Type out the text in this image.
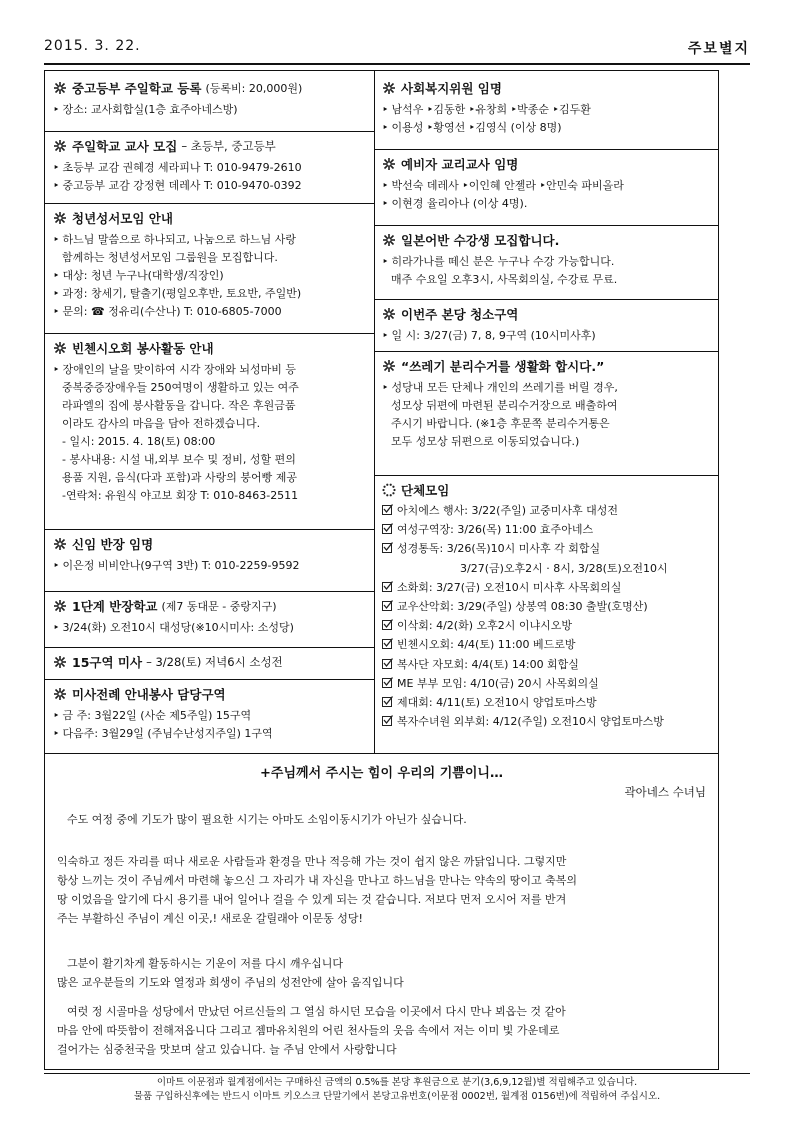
2015. 3. 22.	주보별지
중고등부 주일학교 등록 (등록비: 20,000원)
‣ 장소: 교사회합실(1층 효주아네스방)
주일학교 교사 모집 – 초등부, 중고등부
‣ 초등부 교감 권혜경 세라피나 T: 010-9479-2610
‣ 중고등부 교감 강정현 데레사 T: 010-9470-0392
청년성서모임 안내
‣ 하느님 말씀으로 하나되고, 나눔으로 하느님 사랑
함께하는 청년성서모임 그룹원을 모집합니다.
‣ 대상: 청년 누구나(대학생/직장인)
‣ 과정: 창세기, 탈출기(평일오후반, 토요반, 주일반)
‣ 문의: ☎ 정유리(수산나) T: 010-6805-7000
빈첸시오회 봉사활동 안내
‣ 장애인의 날을 맞이하여 시각 장애와 뇌성마비 등
중복중증장애우들 250여명이 생활하고 있는 여주
라파엘의 집에 봉사활동을 갑니다. 작은 후원금품
이라도 감사의 마음을 담아 전하겠습니다.
- 일시: 2015. 4. 18(토) 08:00
- 봉사내용: 시설 내,외부 보수 및 정비, 성할 편의
용품 지원, 음식(다과 포함)과 사랑의 붕어빵 제공
-연락처: 유원식 야고보 회장 T: 010-8463-2511
신임 반장 임명
‣ 이은정 비비안나(9구역 3반) T: 010-2259-9592
1단계 반장학교 (제7 동대문 - 중랑지구)
‣ 3/24(화) 오전10시 대성당(※10시미사: 소성당)
15구역 미사 – 3/28(토) 저녁6시 소성전
미사전례 안내봉사 담당구역
‣ 금 주: 3월22일 (사순 제5주일) 15구역
‣ 다음주: 3월29일 (주님수난성지주일) 1구역
사회복지위원 임명
‣ 남석우 ‣김동한 ‣유창희 ‣박종순 ‣김두환
‣ 이용성 ‣황영선 ‣김영식 (이상 8명)
예비자 교리교사 임명
‣ 박선숙 데레사 ‣이인혜 안젤라 ‣안민숙 파비올라
‣ 이현경 율리아나 (이상 4명).
일본어반 수강생 모집합니다.
‣ 히라가나를 떼신 분은 누구나 수강 가능합니다.
매주 수요일 오후3시, 사목회의실, 수강료 무료.
이번주 본당 청소구역
‣ 일 시: 3/27(금) 7, 8, 9구역 (10시미사후)
“쓰레기 분리수거를 생활화 합시다.”
‣ 성당내 모든 단체나 개인의 쓰레기를 버릴 경우,
성모상 뒤편에 마련된 분리수거장으로 배출하여
주시기 바랍니다. (※1층 후문쪽 분리수거통은
모두 성모상 뒤편으로 이동되었습니다.)
단체모임
아치에스 행사: 3/22(주일) 교중미사후 대성전
여성구역장: 3/26(목) 11:00 효주아네스
성경통독: 3/26(목)10시 미사후 각 회합실
3/27(금)오후2시 ‧ 8시, 3/28(토)오전10시
소화회: 3/27(금) 오전10시 미사후 사목회의실
교우산악회: 3/29(주일) 상봉역 08:30 출발(호명산)
이삭회: 4/2(화) 오후2시 이냐시오방
빈첸시오회: 4/4(토) 11:00 베드로방
복사단 자모회: 4/4(토) 14:00 회합실
ME 부부 모임: 4/10(금) 20시 사목회의실
제대회: 4/11(토) 오전10시 양업토마스방
복자수녀원 외부회: 4/12(주일) 오전10시 양업토마스방
+주님께서 주시는 힘이 우리의 기쁨이니…
곽아네스 수녀님
수도 여정 중에 기도가 많이 필요한 시기는 아마도 소임이동시기가 아닌가 싶습니다.
익숙하고 정든 자리를 떠나 새로운 사람들과 환경을 만나 적응해 가는 것이 쉽지 않은 까닭입니다. 그렇지만
항상 느끼는 것이 주님께서 마련해 놓으신 그 자리가 내 자신을 만나고 하느님을 만나는 약속의 땅이고 축복의
땅 이었음을 알기에 다시 용기를 내어 일어나 걸을 수 있게 되는 것 같습니다. 저보다 먼저 오시어 저를 반겨
주는 부활하신 주님이 계신 이곳,! 새로운 갈릴래아 이문동 성당!
그분이 활기차게 활동하시는 기운이 저를 다시 깨우십니다
많은 교우분들의 기도와 열정과 희생이 주님의 성전안에 살아 움직입니다
여럿 정 시골마을 성당에서 만났던 어르신들의 그 열심 하시던 모습을 이곳에서 다시 만나 뵈옵는 것 같아
마음 안에 따뜻함이 전해져옵니다 그리고 젬마유치원의 어린 천사들의 웃음 속에서 저는 이미 빛 가운데로
걸어가는 심중천국을 맛보며 살고 있습니다. 늘 주님 안에서 사랑합니다
이마트 이문점과 월계점에서는 구매하신 금액의 0.5%를 본당 후원금으로 분기(3,6,9,12월)별 적립해주고 있습니다.
물품 구입하신후에는 반드시 이마트 키오스크 단말기에서 본당고유번호(이문점 0002번, 월계점 0156번)에 적립하여 주십시오.
